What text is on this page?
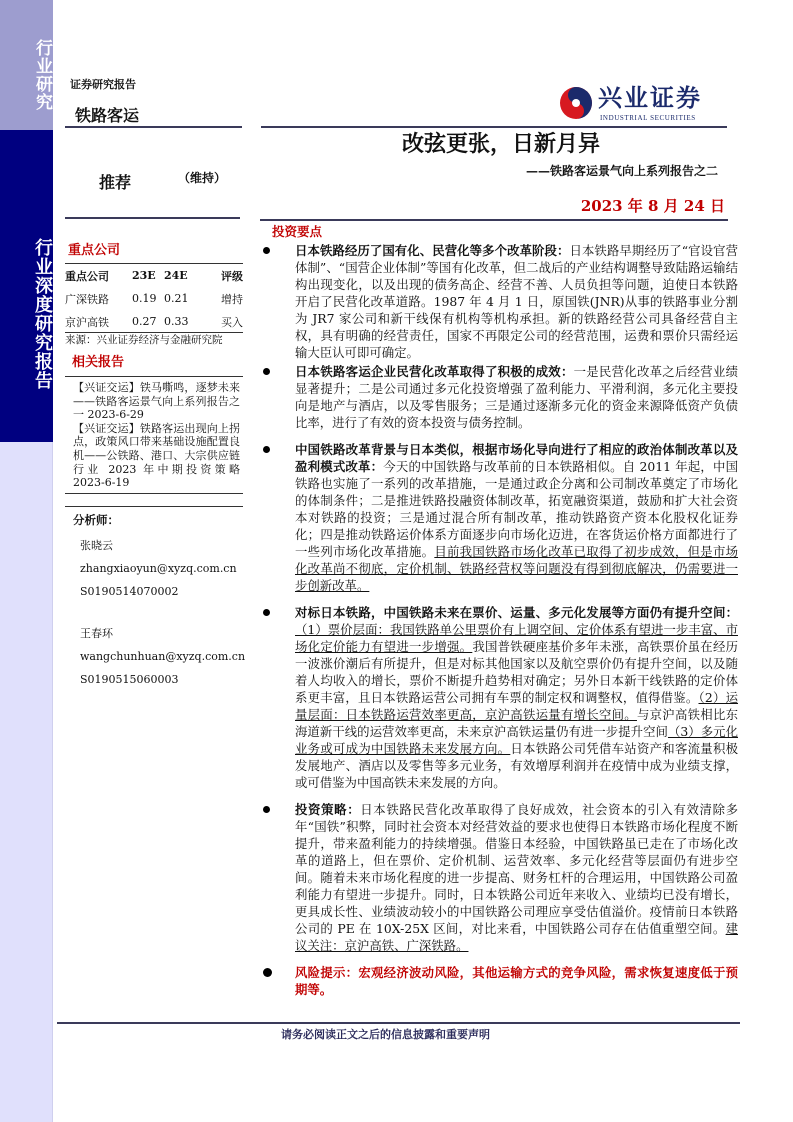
行业研究
行业深度研究报告
证券研究报告
铁路客运
兴业证券
INDUSTRIAL SECURITIES
改弦更张，日新月异
——铁路客运景气向上系列报告之二
2023 年 8 月 24 日
推荐	（维持）
重点公司
重点公司	23E	24E	评级
广深铁路	0.19	0.21	增持
京沪高铁	0.27	0.33	买入
来源：兴业证券经济与金融研究院
相关报告
【兴证交运】铁马嘶鸣，逐梦未来——铁路客运景气向上系列报告之一 2023-6-29
【兴证交运】铁路客运出现向上拐点，政策风口带来基础设施配置良机——公铁路、港口、大宗供应链行业 2023 年中期投资策略 2023-6-19
分析师：
张晓云
zhangxiaoyun@xyzq.com.cn
S0190514070002
王春环
wangchunhuan@xyzq.com.cn
S0190515060003
投资要点
日本铁路经历了国有化、民营化等多个改革阶段：日本铁路早期经历了“官设官营体制”、“国营企业体制”等国有化改革，但二战后的产业结构调整导致陆路运输结构出现变化，以及出现的债务高企、经营不善、人员负担等问题，迫使日本铁路开启了民营化改革道路。1987 年 4 月 1 日，原国铁(JNR)从事的铁路事业分割为 JR7 家公司和新干线保有机构等机构承担。新的铁路经营公司具备经营自主权，具有明确的经营责任，国家不再限定公司的经营范围，运费和票价只需经运输大臣认可即可确定。
日本铁路客运企业民营化改革取得了积极的成效：一是民营化改革之后经营业绩显著提升；二是公司通过多元化投资增强了盈利能力、平滑利润，多元化主要投向是地产与酒店，以及零售服务；三是通过逐渐多元化的资金来源降低资产负债比率，进行了有效的资本投资与债务控制。
中国铁路改革背景与日本类似，根据市场化导向进行了相应的政治体制改革以及盈利模式改革：今天的中国铁路与改革前的日本铁路相似。自 2011 年起，中国铁路也实施了一系列的改革措施，一是通过政企分离和公司制改革奠定了市场化的体制条件；二是推进铁路投融资体制改革，拓宽融资渠道，鼓励和扩大社会资本对铁路的投资；三是通过混合所有制改革，推动铁路资产资本化股权化证券化；四是推动铁路运价体系方面逐步向市场化迈进，在客货运价格方面都进行了一些列市场化改革措施。目前我国铁路市场化改革已取得了初步成效，但是市场化改革尚不彻底，定价机制、铁路经营权等问题没有得到彻底解决，仍需要进一步创新改革。
对标日本铁路，中国铁路未来在票价、运量、多元化发展等方面仍有提升空间：（1）票价层面：我国铁路单公里票价有上调空间、定价体系有望进一步丰富、市场化定价能力有望进一步增强。我国普铁硬座基价多年未涨，高铁票价虽在经历一波涨价潮后有所提升，但是对标其他国家以及航空票价仍有提升空间，以及随着人均收入的增长，票价不断提升趋势相对确定；另外日本新干线铁路的定价体系更丰富，且日本铁路运营公司拥有车票的制定权和调整权，值得借鉴。（2）运量层面：日本铁路运营效率更高，京沪高铁运量有增长空间。与京沪高铁相比东海道新干线的运营效率更高，未来京沪高铁运量仍有进一步提升空间（3）多元化业务或可成为中国铁路未来发展方向。日本铁路公司凭借车站资产和客流量积极发展地产、酒店以及零售等多元业务，有效增厚利润并在疫情中成为业绩支撑，或可借鉴为中国高铁未来发展的方向。
投资策略：日本铁路民营化改革取得了良好成效，社会资本的引入有效清除多年“国铁”积弊，同时社会资本对经营效益的要求也使得日本铁路市场化程度不断提升，带来盈利能力的持续增强。借鉴日本经验，中国铁路虽已走在了市场化改革的道路上，但在票价、定价机制、运营效率、多元化经营等层面仍有进步空间。随着未来市场化程度的进一步提高、财务杠杆的合理运用，中国铁路公司盈利能力有望进一步提升。同时，日本铁路公司近年来收入、业绩均已没有增长，更具成长性、业绩波动较小的中国铁路公司理应享受估值溢价。疫情前日本铁路公司的 PE 在 10X-25X 区间，对比来看，中国铁路公司存在估值重塑空间。建议关注：京沪高铁、广深铁路。
风险提示：宏观经济波动风险，其他运输方式的竞争风险，需求恢复速度低于预期等。
请务必阅读正文之后的信息披露和重要声明
